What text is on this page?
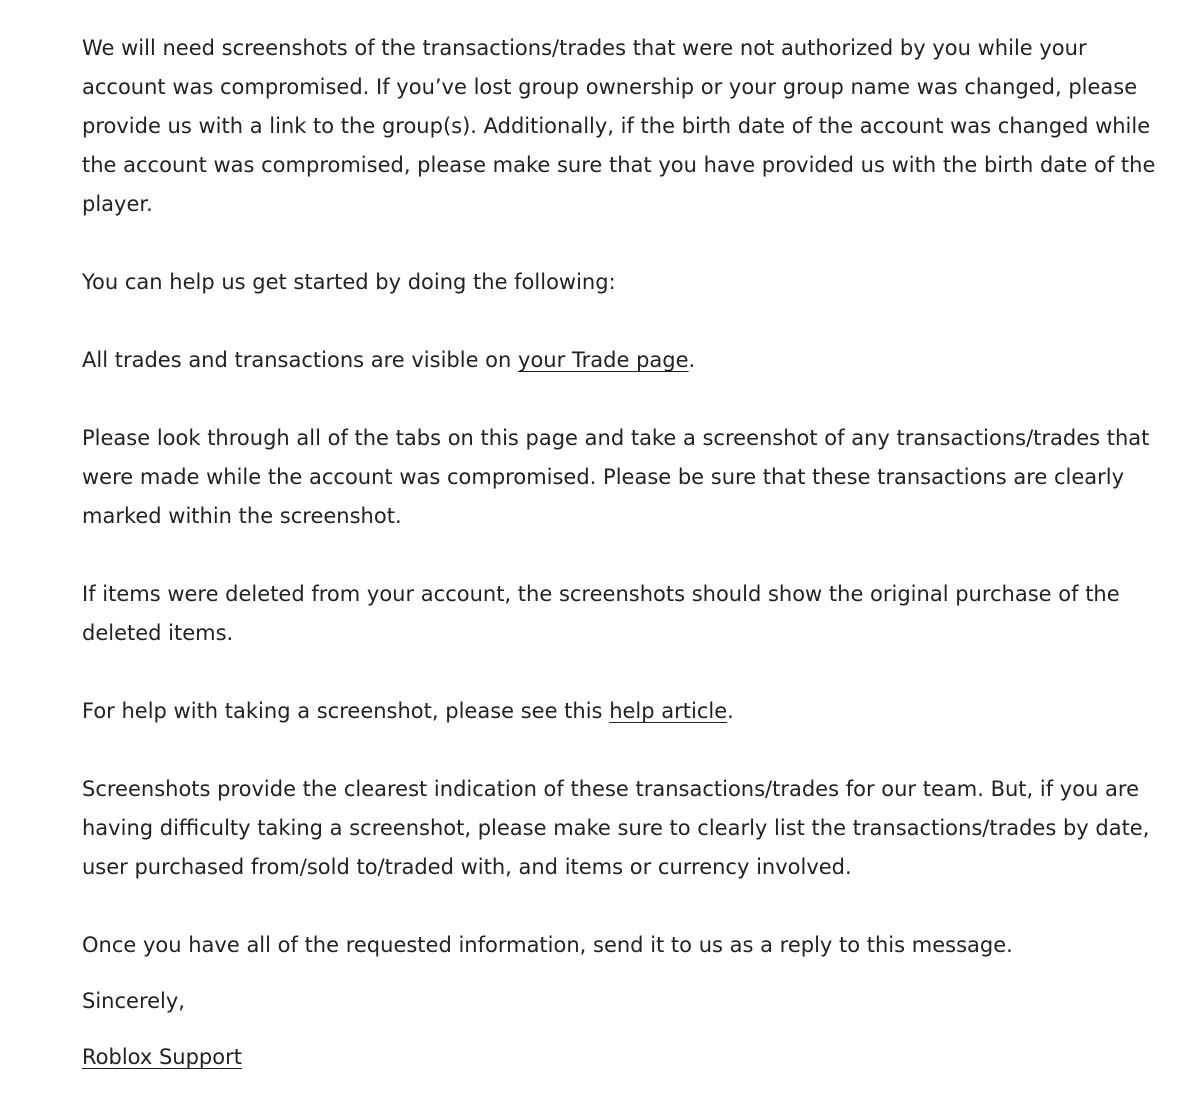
We will need screenshots of the transactions/trades that were not authorized by you while your account was compromised. If you’ve lost group ownership or your group name was changed, please provide us with a link to the group(s). Additionally, if the birth date of the account was changed while the account was compromised, please make sure that you have provided us with the birth date of the player.

You can help us get started by doing the following:

All trades and transactions are visible on your Trade page.

Please look through all of the tabs on this page and take a screenshot of any transactions/trades that were made while the account was compromised. Please be sure that these transactions are clearly marked within the screenshot.

If items were deleted from your account, the screenshots should show the original purchase of the deleted items.

For help with taking a screenshot, please see this help article.

Screenshots provide the clearest indication of these transactions/trades for our team. But, if you are having difficulty taking a screenshot, please make sure to clearly list the transactions/trades by date, user purchased from/sold to/traded with, and items or currency involved.

Once you have all of the requested information, send it to us as a reply to this message.

Sincerely,

Roblox Support
